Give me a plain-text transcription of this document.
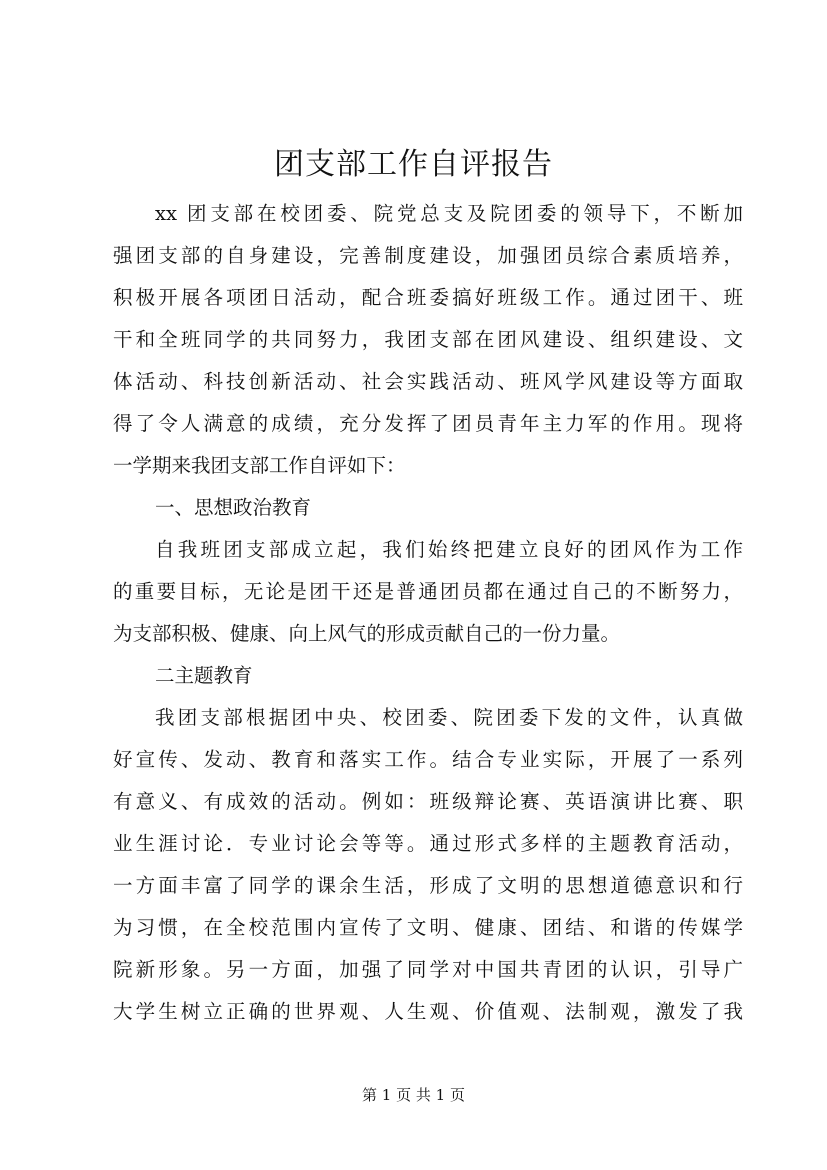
团支部工作自评报告
xx 团支部在校团委、院党总支及院团委的领导下，不断加
强团支部的自身建设，完善制度建设，加强团员综合素质培养，
积极开展各项团日活动，配合班委搞好班级工作。通过团干、班
干和全班同学的共同努力，我团支部在团风建设、组织建设、文
体活动、科技创新活动、社会实践活动、班风学风建设等方面取
得了令人满意的成绩，充分发挥了团员青年主力军的作用。现将
一学期来我团支部工作自评如下：
一、思想政治教育
自我班团支部成立起，我们始终把建立良好的团风作为工作
的重要目标，无论是团干还是普通团员都在通过自己的不断努力，
为支部积极、健康、向上风气的形成贡献自己的一份力量。
二主题教育
我团支部根据团中央、校团委、院团委下发的文件，认真做
好宣传、发动、教育和落实工作。结合专业实际，开展了一系列
有意义、有成效的活动。例如：班级辩论赛、英语演讲比赛、职
业生涯讨论．专业讨论会等等。通过形式多样的主题教育活动，
一方面丰富了同学的课余生活，形成了文明的思想道德意识和行
为习惯，在全校范围内宣传了文明、健康、团结、和谐的传媒学
院新形象。另一方面，加强了同学对中国共青团的认识，引导广
大学生树立正确的世界观、人生观、价值观、法制观，激发了我
第 1 页 共 1 页
